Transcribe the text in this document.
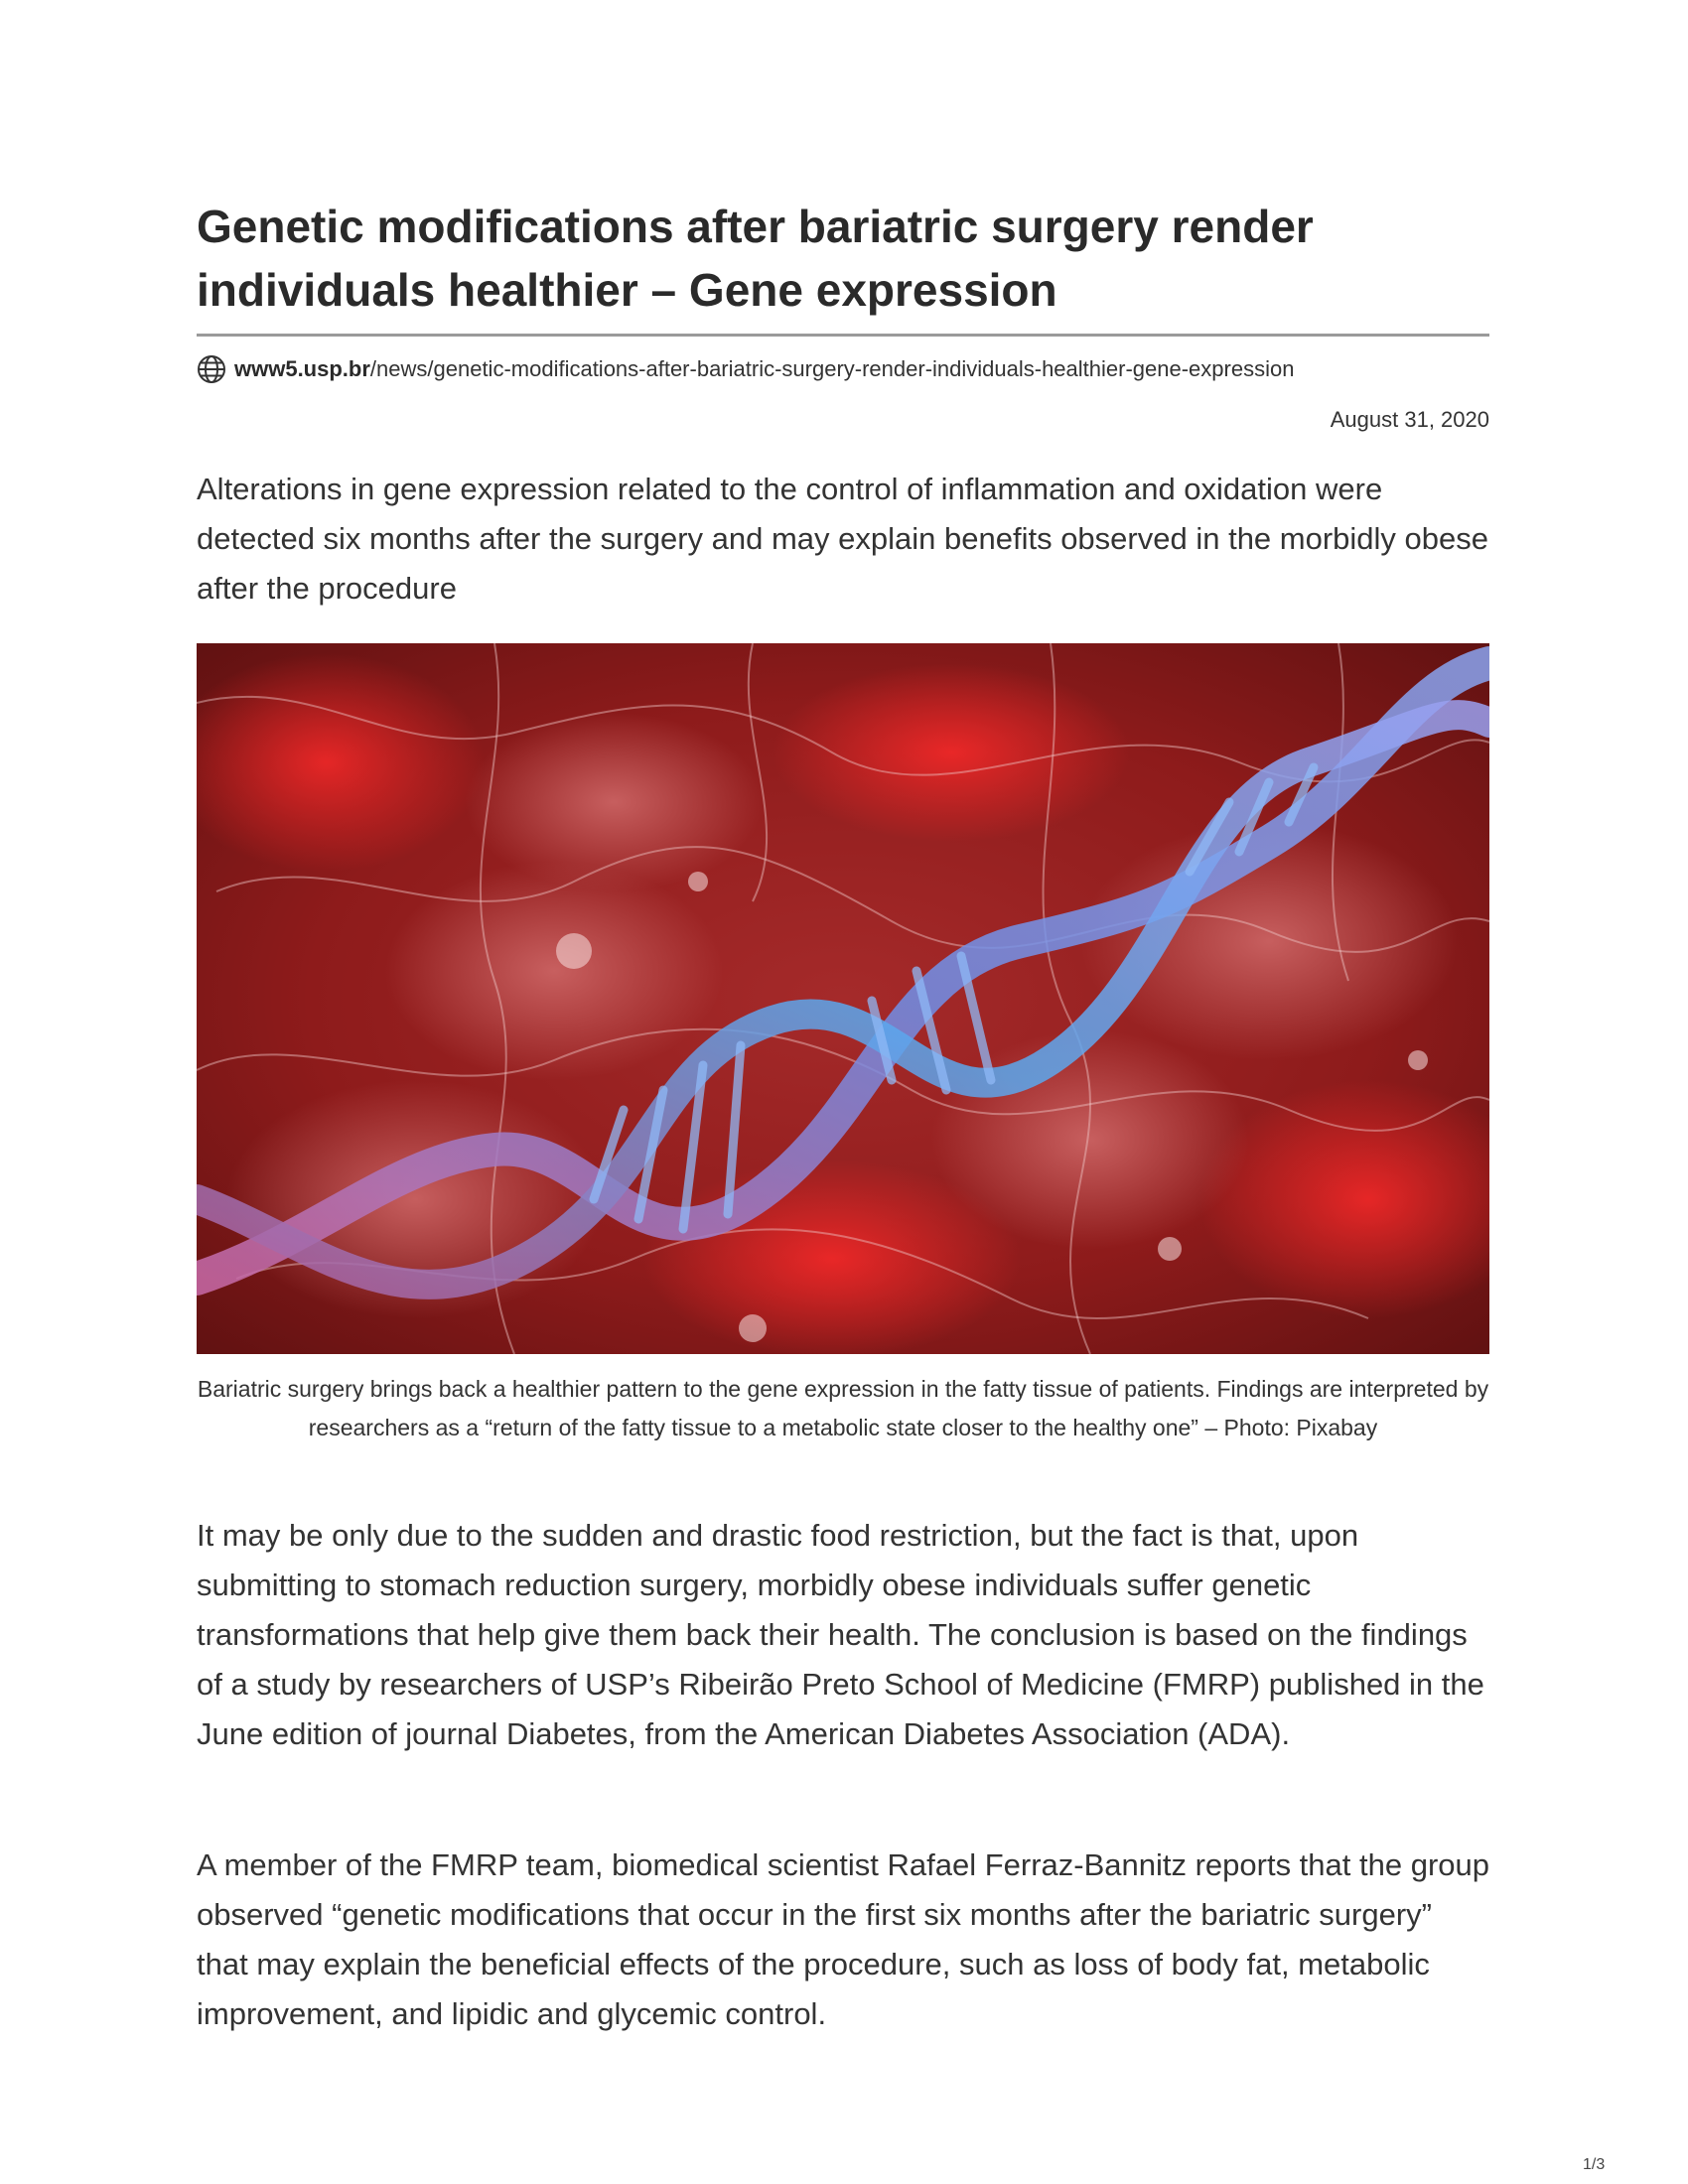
Genetic modifications after bariatric surgery render individuals healthier – Gene expression
www5.usp.br /news/genetic-modifications-after-bariatric-surgery-render-individuals-healthier-gene-expression
August 31, 2020

Alterations in gene expression related to the control of inflammation and oxidation were detected six months after the surgery and may explain benefits observed in the morbidly obese after the procedure

Bariatric surgery brings back a healthier pattern to the gene expression in the fatty tissue of patients. Findings are interpreted by researchers as a “return of the fatty tissue to a metabolic state closer to the healthy one” – Photo: Pixabay

It may be only due to the sudden and drastic food restriction, but the fact is that, upon submitting to stomach reduction surgery, morbidly obese individuals suffer genetic transformations that help give them back their health. The conclusion is based on the findings of a study by researchers of USP’s Ribeirão Preto School of Medicine (FMRP) published in the June edition of journal Diabetes, from the American Diabetes Association (ADA).

A member of the FMRP team, biomedical scientist Rafael Ferraz-Bannitz reports that the group observed “genetic modifications that occur in the first six months after the bariatric surgery” that may explain the beneficial effects of the procedure, such as loss of body fat, metabolic improvement, and lipidic and glycemic control.

1/3
